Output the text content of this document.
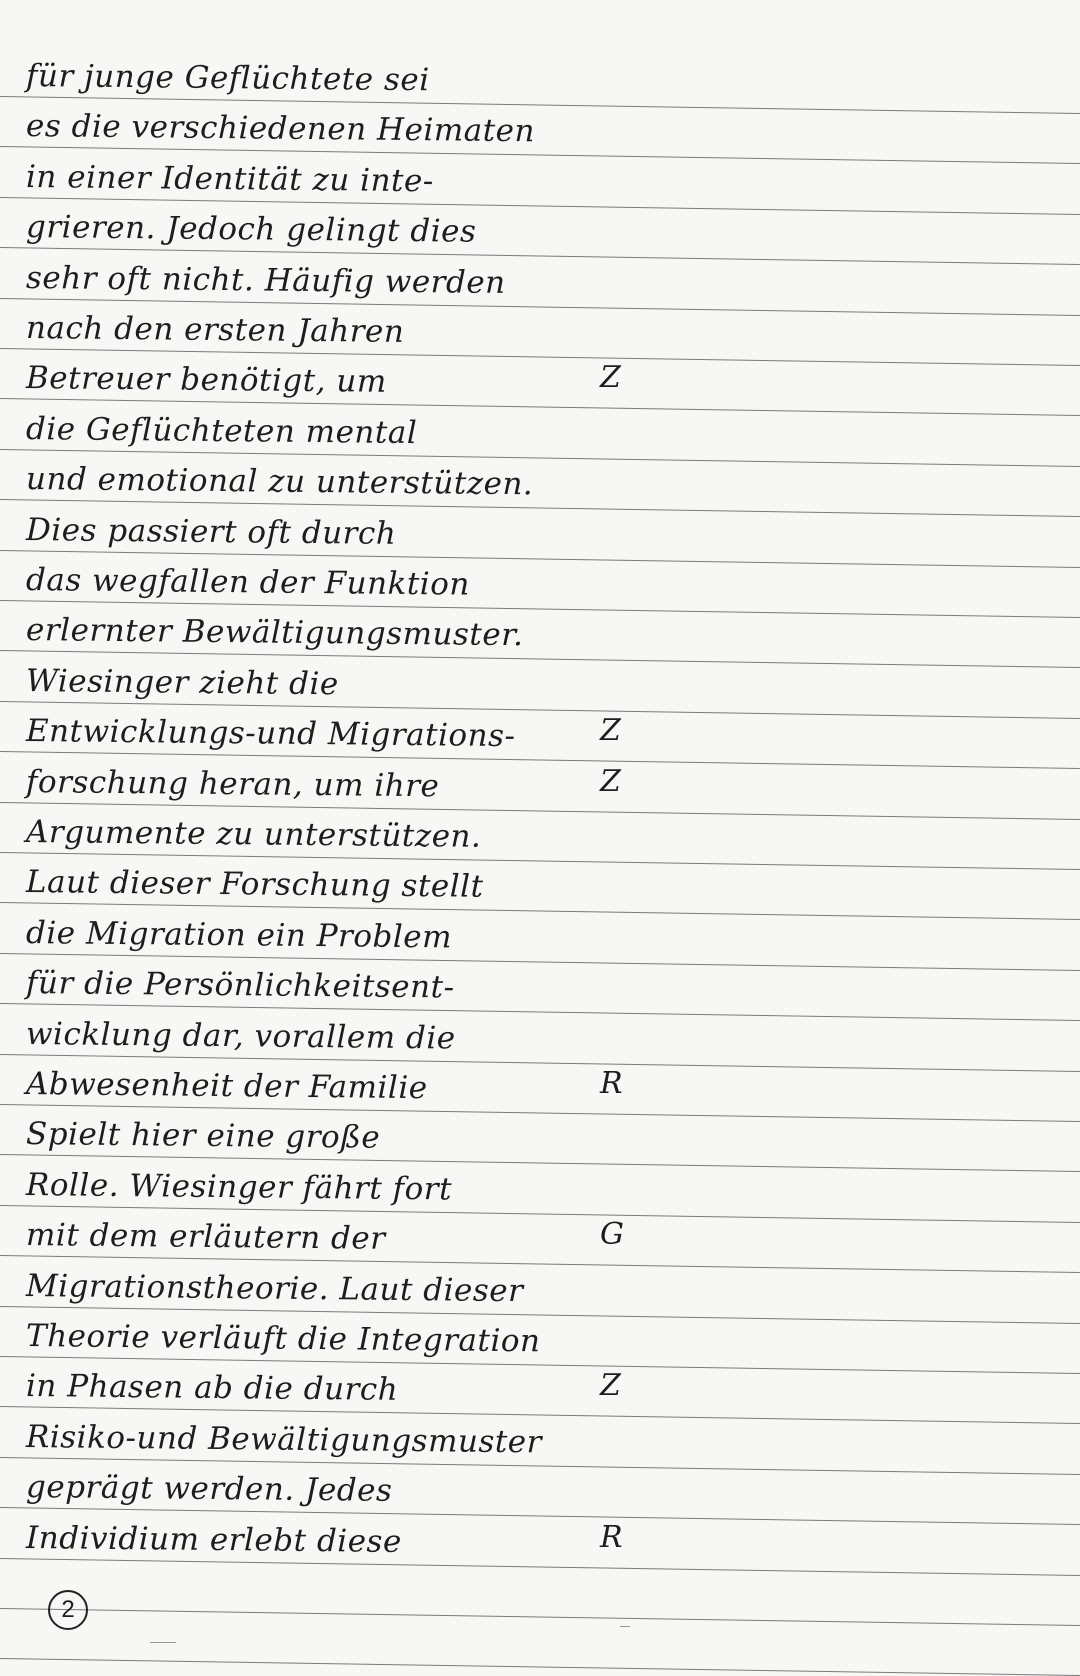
für junge Geflüchtete sei
es die verschiedenen Heimaten
in einer Identität zu inte-
grieren. Jedoch gelingt dies
sehr oft nicht. Häufig werden
nach den ersten Jahren
Betreuer benötigt, um
die Geflüchteten mental
und emotional zu unterstützen.
Dies passiert oft durch
das wegfallen der Funktion
erlernter Bewältigungsmuster.
Wiesinger zieht die
Entwicklungs-und Migrations-
forschung heran, um ihre
Argumente zu unterstützen.
Laut dieser Forschung stellt
die Migration ein Problem
für die Persönlichkeitsent-
wicklung dar, vorallem die
Abwesenheit der Familie
Spielt hier eine große
Rolle. Wiesinger fährt fort
mit dem erläutern der
Migrationstheorie. Laut dieser
Theorie verläuft die Integration
in Phasen ab die durch
Risiko-und Bewältigungsmuster
geprägt werden. Jedes
Individium erlebt diese
Z
Z
Z
R
G
Z
R
2
